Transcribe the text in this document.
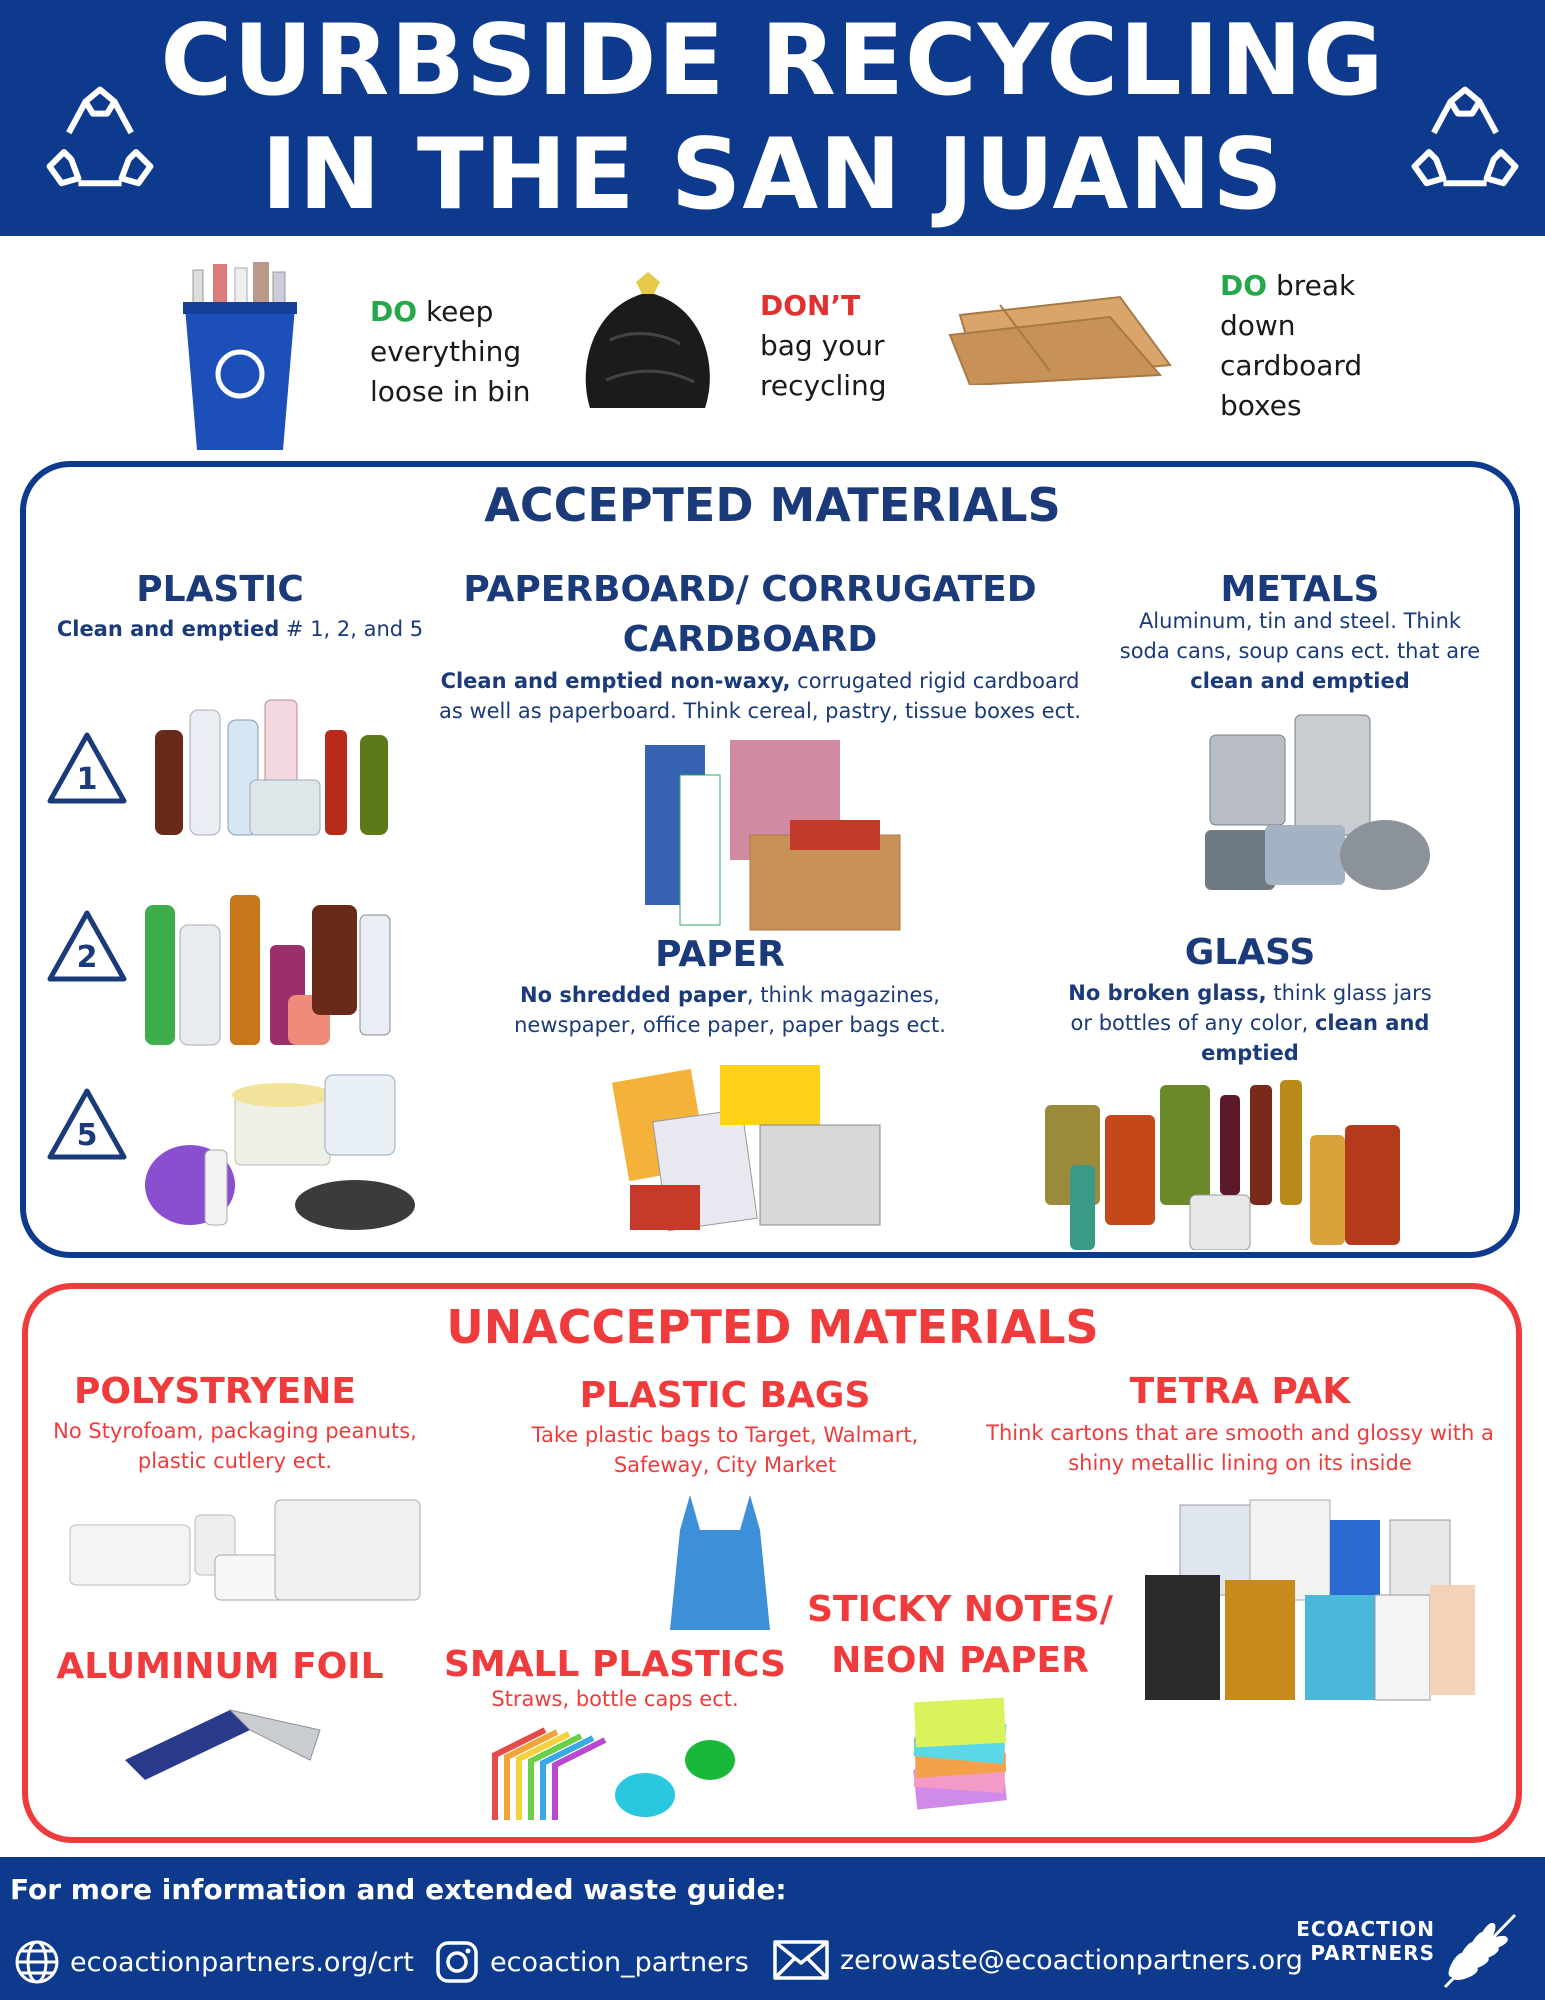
CURBSIDE RECYCLING
IN THE SAN JUANS
DO keep
everything
loose in bin
DON’T
bag your
recycling
DO break
down
cardboard
boxes
ACCEPTED MATERIALS
PLASTIC
Clean and emptied # 1, 2, and 5
1
2
5
PAPERBOARD/ CORRUGATED
CARDBOARD
Clean and emptied non-waxy, corrugated rigid cardboard
as well as paperboard. Think cereal, pastry, tissue boxes ect.
METALS
Aluminum, tin and steel. Think
soda cans, soup cans ect. that are
clean and emptied
PAPER
No shredded paper, think magazines,
newspaper, office paper, paper bags ect.
GLASS
No broken glass, think glass jars
or bottles of any color, clean and
emptied
UNACCEPTED MATERIALS
POLYSTRYENE
No Styrofoam, packaging peanuts,
plastic cutlery ect.
PLASTIC BAGS
Take plastic bags to Target, Walmart,
Safeway, City Market
TETRA PAK
Think cartons that are smooth and glossy with a
shiny metallic lining on its inside
ALUMINUM FOIL SMALL PLASTICS
Straws, bottle caps ect.
STICKY NOTES/
NEON PAPER
For more information and extended waste guide:
ecoactionpartners.org/crt	ecoaction_partners	zerowaste@ecoactionpartners.org
ECOACTION
PARTNERS
